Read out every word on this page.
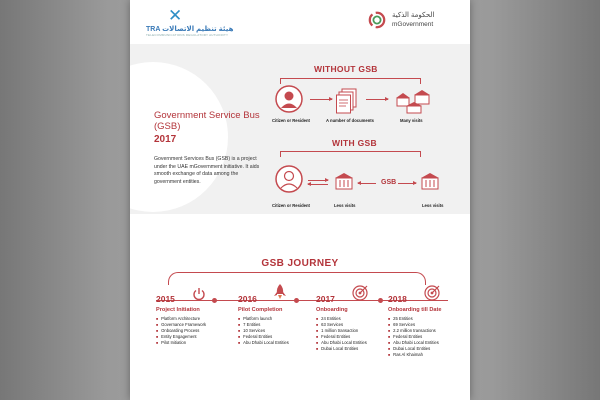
✕
TRA هيئة تنظيم الاتصالات
TELECOMMUNICATIONS REGULATORY AUTHORITY
الحكومة الذكية
mGovernment
Government Service Bus (GSB)
2017
Government Services Bus (GSB) is a project under the UAE mGovernment initiative. It aids smooth exchange of data among the government entities.
WITHOUT GSB
Citizen or Resident	A number of documents	Many visits
WITH GSB
Citizen or Resident	Less visits
GSB
Less visits
GSB JOURNEY
2015
Project Initiation
■ Platform Architecture
■ Governance Framework
■ Onboarding Process
■ Entity Engagement
■ Pilot Initiation
2016
Pilot Completion
■ Platform launch
■ 7 Entities
■ 10 Services
■ Federal Entities
■ Abu Dhabi Local Entities
2017
Onboarding
■ 24 Entities
■ 63 Services
■ 1 million transaction
■ Federal Entities
■ Abu Dhabi Local Entities
■ Dubai Local Entities
2018
Onboarding till Date
■ 25 Entities
■ 69 Services
■ 2.2 million transactions
■ Federal Entities
■ Abu Dhabi Local Entities
■ Dubai Local Entities
■ Ras Al Khaimah
